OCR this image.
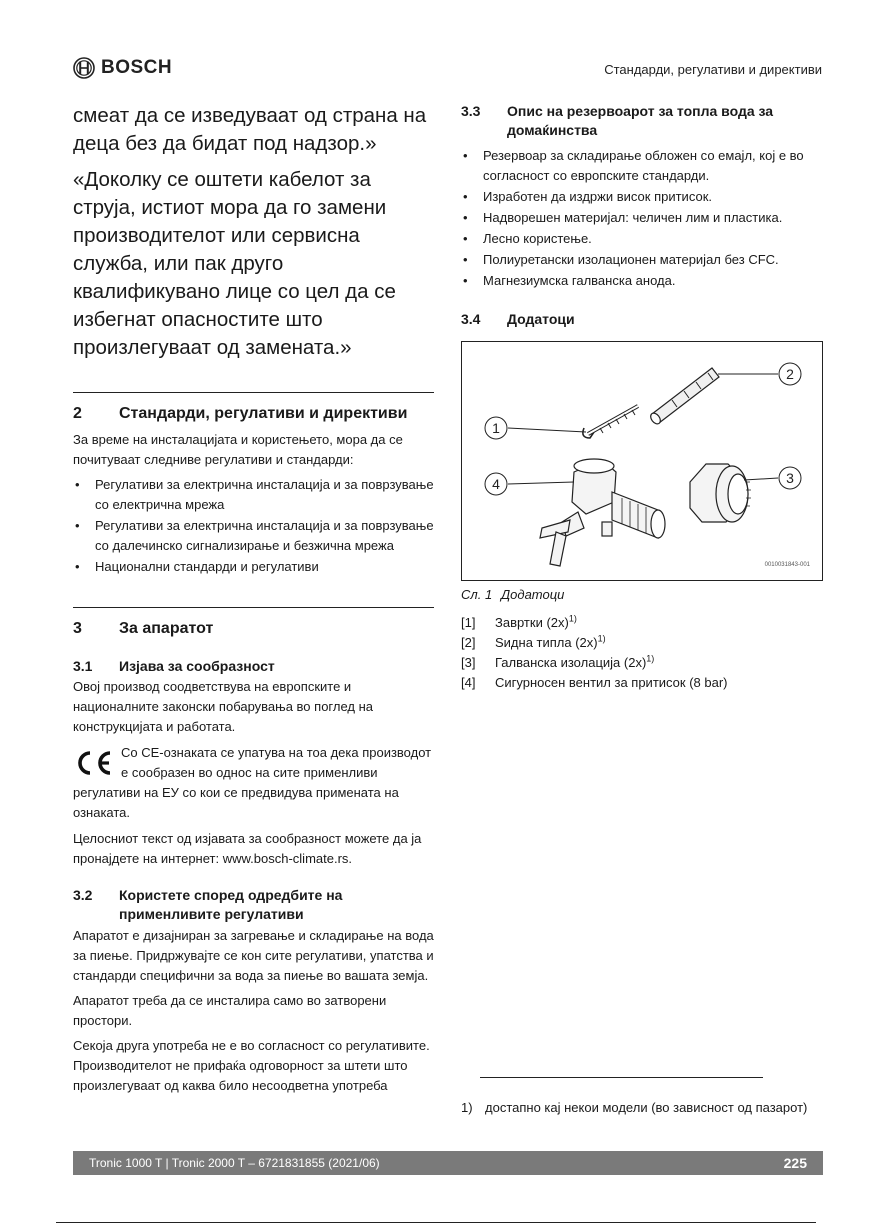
BOSCH	Стандарди, регулативи и директиви

смеат да се изведуваат од страна на деца без да бидат под надзор.»

«Доколку се оштети кабелот за струја, истиот мора да го замени производителот или сервисна служба, или пак друго квалификувано лице со цел да се избегнат опасностите што произлегуваат од замената.»

2	Стандарди, регулативи и директиви
За време на инсталацијата и користењето, мора да се почитуваат следниве регулативи и стандарди:
• Регулативи за електрична инсталација и за поврзување со електрична мрежа
• Регулативи за електрична инсталација и за поврзување со далечинско сигнализирање и безжична мрежа
• Национални стандарди и регулативи
3	За апаратот
3.1	Изјава за сообразност
Овој производ соодветствува на европските и националните законски побарувања во поглед на конструкцијата и работата.
Со CE-ознаката се упатува на тоа дека производот е сообразен во однос на сите применливи регулативи на ЕУ со кои се предвидува примената на ознаката.
Целосниот текст од изјавата за сообразност можете да ја пронајдете на интернет: www.bosch-climate.rs.
3.2	Користете според одредбите на применливите регулативи
Апаратот е дизајниран за загревање и складирање на вода за пиење. Придржувајте се кон сите регулативи, упатства и стандарди специфични за вода за пиење во вашата земја.
Апаратот треба да се инсталира само во затворени простори.
Секоја друга употреба не е во согласност со регулативите. Производителот не прифаќа одговорност за штети што произлегуваат од каква било несоодветна употреба
3.3	Опис на резервоарот за топла вода за домаќинства
• Резервоар за складирање обложен со емајл, кој е во согласност со европските стандарди.
• Изработен да издржи висок притисок.
• Надворешен материјал: челичен лим и пластика.
• Лесно користење.
• Полиуретански изолационен материјал без CFC.
• Магнезиумска галванска анода.
3.4	Додатоци
1
2
3
4
0010031843-001
Сл. 1 Додатоци
[1]	Завртки $(2x)^{1)}$
[2]	Ѕидна типла $(2x)^{1)}$
[3]	Галванска изолација $(2x)^{1)}$
[4]	Сигурносен вентил за притисок (8 bar)
1) достапно кај некои модели (во зависност од пазарот)
Tronic 1000 T | Tronic 2000 T – 6721831855 (2021/06)	225
